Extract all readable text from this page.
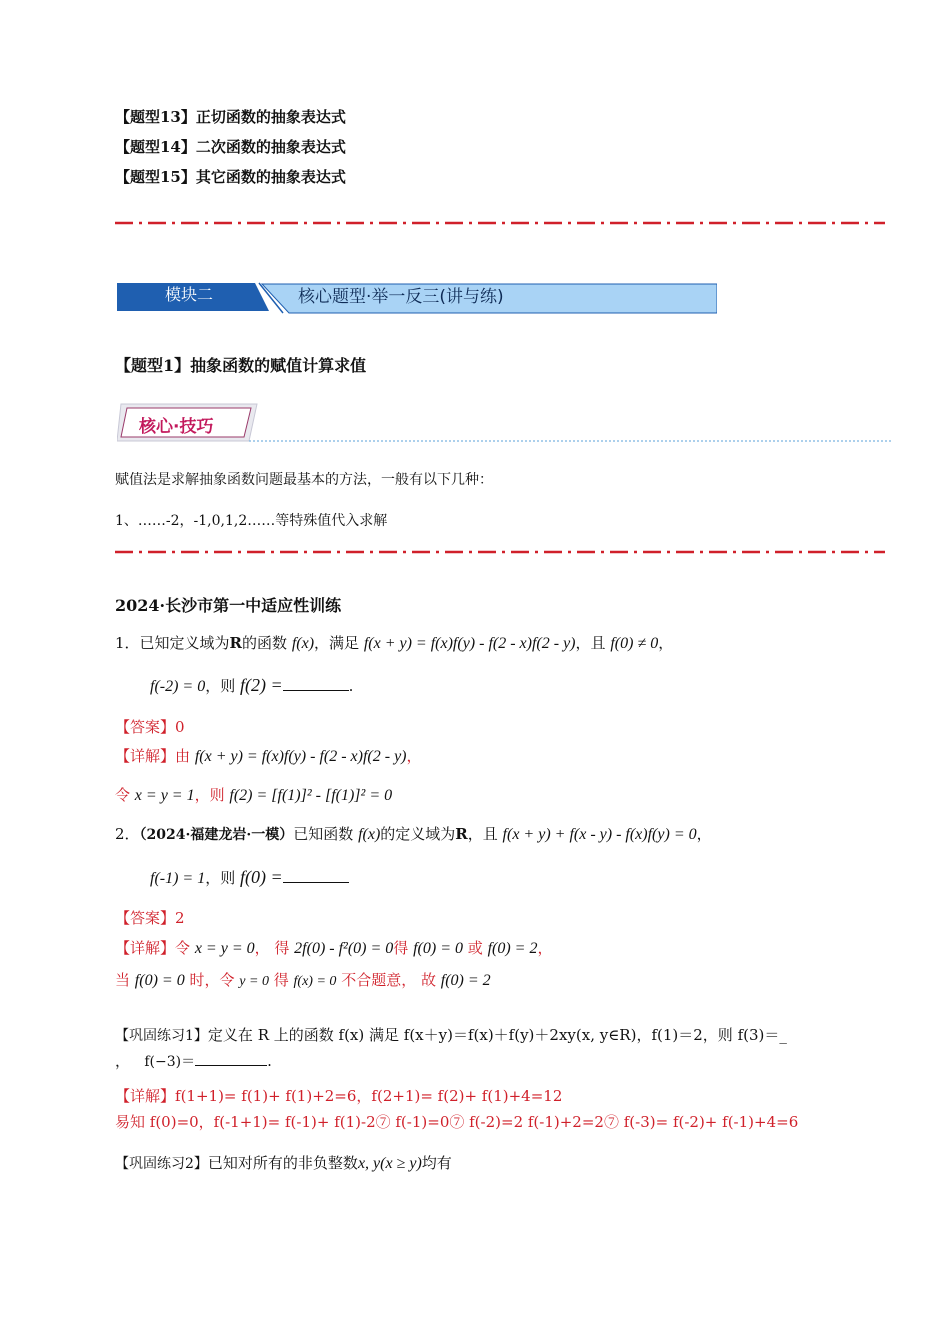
【题型13】正切函数的抽象表达式
【题型14】二次函数的抽象表达式
【题型15】其它函数的抽象表达式
模块二	核心题型·举一反三(讲与练)
【题型1】抽象函数的赋值计算求值
核心·技巧
赋值法是求解抽象函数问题最基本的方法，一般有以下几种：
1、……-2，-1,0,1,2……等特殊值代入求解
2024·长沙市第一中适应性训练
1．已知定义域为R的函数 f(x)，满足 f(x + y) = f(x)f(y) - f(2 - x)f(2 - y)，且 f(0) ≠ 0，
f(-2) = 0，则 f(2) =	.
【答案】0
【详解】由 f(x + y) = f(x)f(y) - f(2 - x)f(2 - y)，
令 x = y = 1，则 f(2) = [f(1)]² - [f(1)]² = 0
2．（2024·福建龙岩·一模）已知函数 f(x)的定义域为R，且 f(x + y) + f(x - y) - f(x)f(y) = 0，
f(-1) = 1，则 f(0) =
【答案】2
【详解】令 x = y = 0， 得 2f(0) - f²(0) = 0得 f(0) = 0 或 f(0) = 2，
当 f(0) = 0 时，令 y = 0 得 f(x) = 0 不合题意， 故 f(0) = 2
【巩固练习1】定义在 R 上的函数 f(x) 满足 f(x＋y)＝f(x)＋f(y)＋2xy(x, y∈R)，f(1)＝2，则 f(3)＝_
， f(−3)＝	.
【详解】f(1+1)= f(1)+ f(1)+2=6，f(2+1)= f(2)+ f(1)+4=12
易知 f(0)=0，f(-1+1)= f(-1)+ f(1)-2⑦ f(-1)=0⑦ f(-2)=2 f(-1)+2=2⑦ f(-3)= f(-2)+ f(-1)+4=6
【巩固练习2】已知对所有的非负整数x, y(x ≥ y)均有
